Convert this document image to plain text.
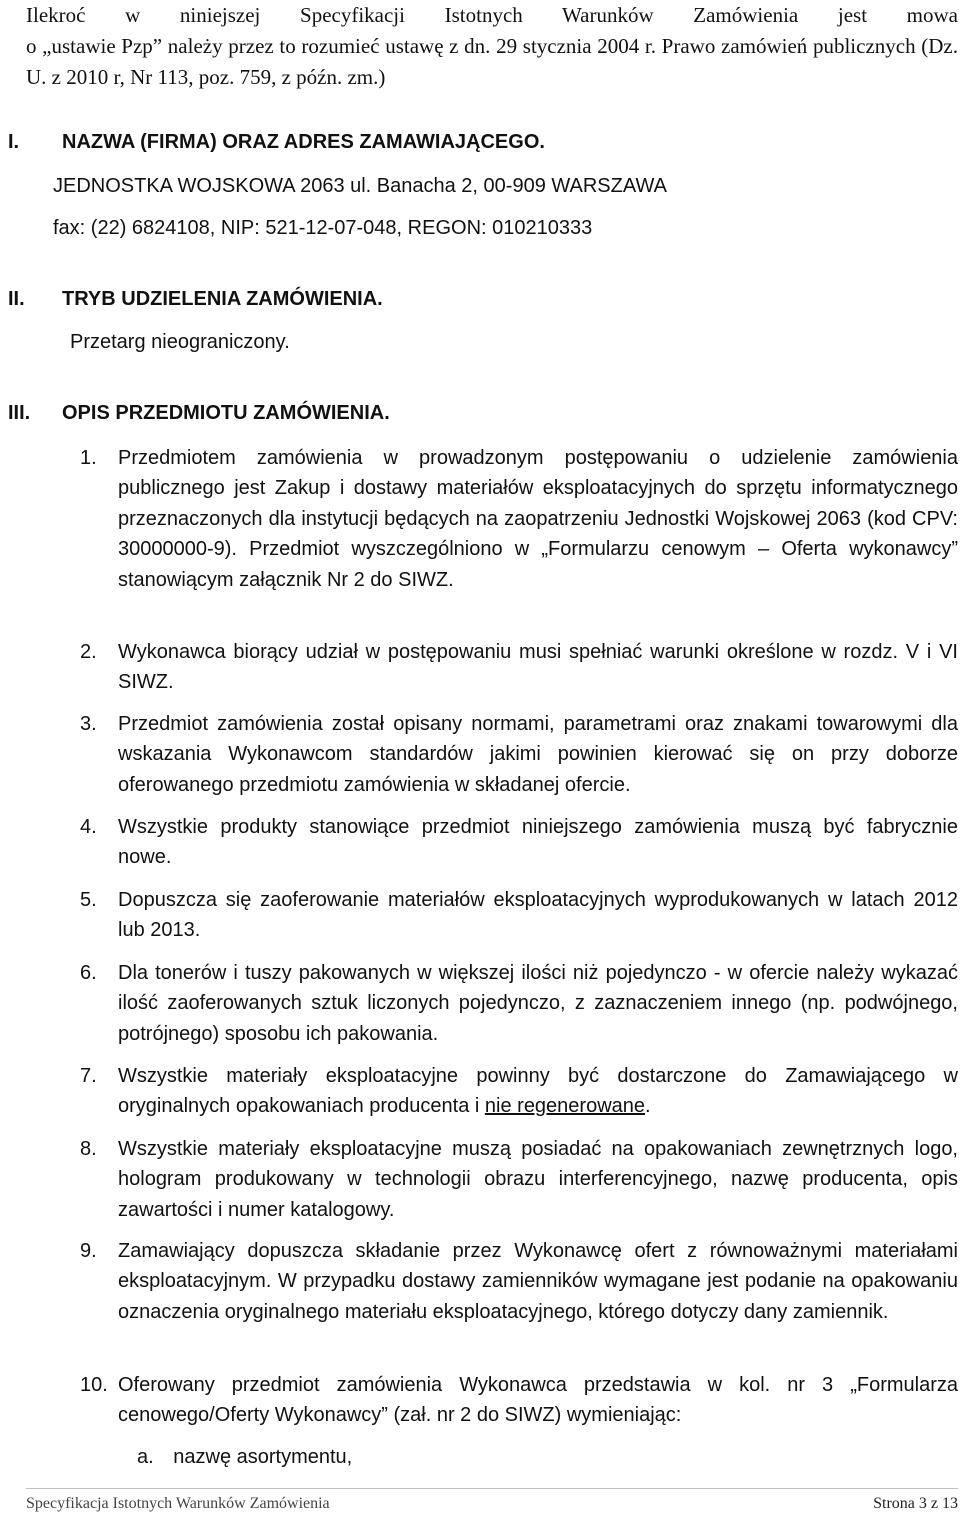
Ilekroć w niniejszej Specyfikacji Istotnych Warunków Zamówienia jest mowa
o „ustawie Pzp” należy przez to rozumieć ustawę z dn. 29 stycznia 2004 r. Prawo zamówień publicznych (Dz. U. z 2010 r, Nr 113, poz. 759, z późn. zm.)
I. NAZWA (FIRMA) ORAZ ADRES ZAMAWIAJĄCEGO.
JEDNOSTKA WOJSKOWA 2063 ul. Banacha 2, 00-909 WARSZAWA
fax: (22) 6824108, NIP: 521-12-07-048, REGON: 010210333
II. TRYB UDZIELENIA ZAMÓWIENIA.
Przetarg nieograniczony.
III. OPIS PRZEDMIOTU ZAMÓWIENIA.
1.	Przedmiotem zamówienia w prowadzonym postępowaniu o udzielenie zamówienia publicznego jest Zakup i dostawy materiałów eksploatacyjnych do sprzętu informatycznego przeznaczonych dla instytucji będących na zaopatrzeniu Jednostki Wojskowej 2063 (kod CPV: 30000000-9). Przedmiot wyszczególniono w „Formularzu cenowym – Oferta wykonawcy” stanowiącym załącznik Nr 2 do SIWZ.
2.	Wykonawca biorący udział w postępowaniu musi spełniać warunki określone w rozdz. V i VI SIWZ.
3.	Przedmiot zamówienia został opisany normami, parametrami oraz znakami towarowymi dla wskazania Wykonawcom standardów jakimi powinien kierować się on przy doborze oferowanego przedmiotu zamówienia w składanej ofercie.
4.	Wszystkie produkty stanowiące przedmiot niniejszego zamówienia muszą być fabrycznie nowe.
5.	Dopuszcza się zaoferowanie materiałów eksploatacyjnych wyprodukowanych w latach 2012 lub 2013.
6.	Dla tonerów i tuszy pakowanych w większej ilości niż pojedynczo - w ofercie należy wykazać ilość zaoferowanych sztuk liczonych pojedynczo, z zaznaczeniem innego (np. podwójnego, potrójnego) sposobu ich pakowania.
7.	Wszystkie materiały eksploatacyjne powinny być dostarczone do Zamawiającego w oryginalnych opakowaniach producenta i nie regenerowane.
8.	Wszystkie materiały eksploatacyjne muszą posiadać na opakowaniach zewnętrznych logo, hologram produkowany w technologii obrazu interferencyjnego, nazwę producenta, opis zawartości i numer katalogowy.
9.	Zamawiający dopuszcza składanie przez Wykonawcę ofert z równoważnymi materiałami eksploatacyjnym. W przypadku dostawy zamienników wymagane jest podanie na opakowaniu oznaczenia oryginalnego materiału eksploatacyjnego, którego dotyczy dany zamiennik.
10. Oferowany przedmiot zamówienia Wykonawca przedstawia w kol. nr 3 „Formularza cenowego/Oferty Wykonawcy” (zał. nr 2 do SIWZ) wymieniając:
a. nazwę asortymentu,
Specyfikacja Istotnych Warunków Zamówienia	Strona 3 z 13
